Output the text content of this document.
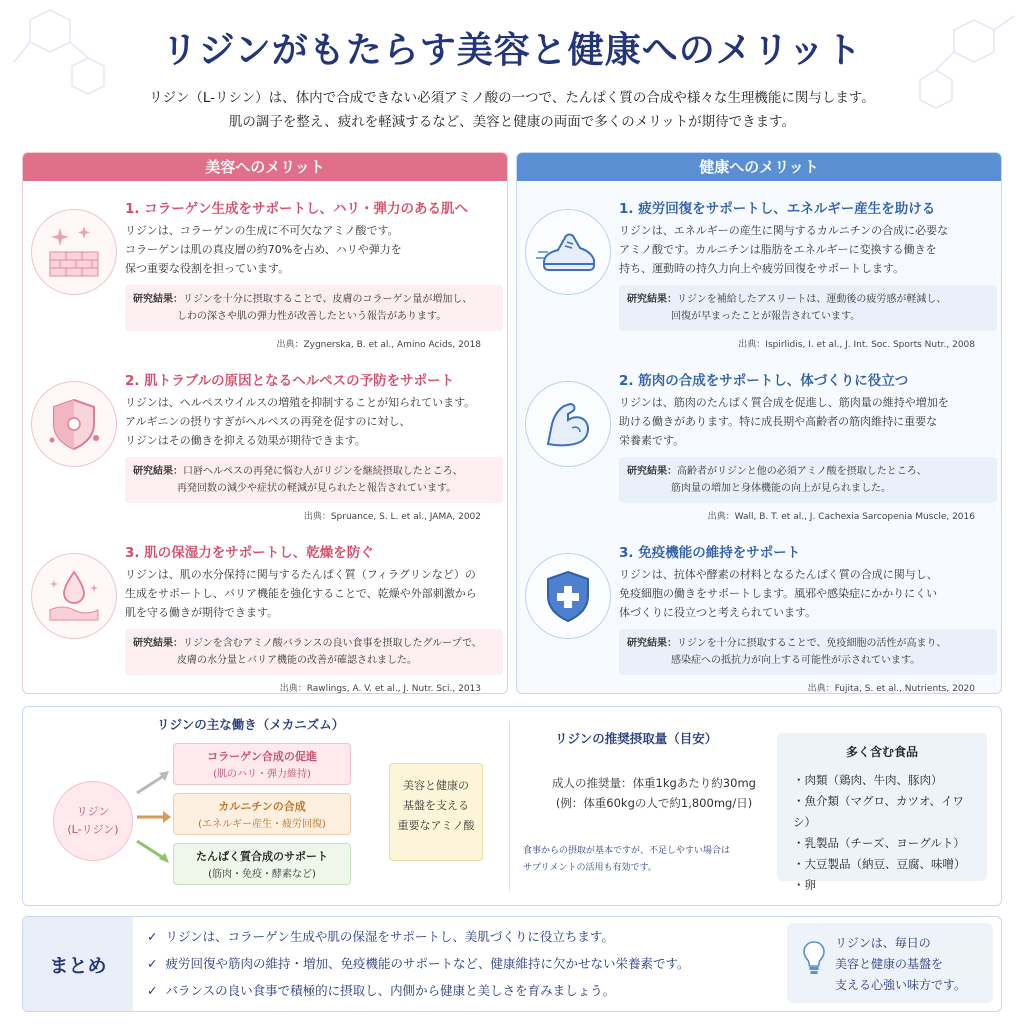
リジンがもたらす美容と健康へのメリット
リジン（L-リシン）は、体内で合成できない必須アミノ酸の一つで、たんぱく質の合成や様々な生理機能に関与します。
肌の調子を整え、疲れを軽減するなど、美容と健康の両面で多くのメリットが期待できます。
美容へのメリット
1. コラーゲン生成をサポートし、ハリ・弾力のある肌へ
リジンは、コラーゲンの生成に不可欠なアミノ酸です。
コラーゲンは肌の真皮層の約70%を占め、ハリや弾力を
保つ重要な役割を担っています。
研究結果：リジンを十分に摂取することで、皮膚のコラーゲン量が増加し、
しわの深さや肌の弾力性が改善したという報告があります。
出典：Zygnerska, B. et al., Amino Acids, 2018
2. 肌トラブルの原因となるヘルペスの予防をサポート
リジンは、ヘルペスウイルスの増殖を抑制することが知られています。
アルギニンの摂りすぎがヘルペスの再発を促すのに対し、
リジンはその働きを抑える効果が期待できます。
研究結果：口唇ヘルペスの再発に悩む人がリジンを継続摂取したところ、
再発回数の減少や症状の軽減が見られたと報告されています。
出典：Spruance, S. L. et al., JAMA, 2002
3. 肌の保湿力をサポートし、乾燥を防ぐ
リジンは、肌の水分保持に関与するたんぱく質（フィラグリンなど）の
生成をサポートし、バリア機能を強化することで、乾燥や外部刺激から
肌を守る働きが期待できます。
研究結果：リジンを含むアミノ酸バランスの良い食事を摂取したグループで、
皮膚の水分量とバリア機能の改善が確認されました。
出典：Rawlings, A. V. et al., J. Nutr. Sci., 2013
健康へのメリット
1. 疲労回復をサポートし、エネルギー産生を助ける
リジンは、エネルギーの産生に関与するカルニチンの合成に必要な
アミノ酸です。カルニチンは脂肪をエネルギーに変換する働きを
持ち、運動時の持久力向上や疲労回復をサポートします。
研究結果：リジンを補給したアスリートは、運動後の疲労感が軽減し、
回復が早まったことが報告されています。
出典：Ispirlidis, I. et al., J. Int. Soc. Sports Nutr., 2008
2. 筋肉の合成をサポートし、体づくりに役立つ
リジンは、筋肉のたんぱく質合成を促進し、筋肉量の維持や増加を
助ける働きがあります。特に成長期や高齢者の筋肉維持に重要な
栄養素です。
研究結果：高齢者がリジンと他の必須アミノ酸を摂取したところ、
筋肉量の増加と身体機能の向上が見られました。
出典：Wall, B. T. et al., J. Cachexia Sarcopenia Muscle, 2016
3. 免疫機能の維持をサポート
リジンは、抗体や酵素の材料となるたんぱく質の合成に関与し、
免疫細胞の働きをサポートします。風邪や感染症にかかりにくい
体づくりに役立つと考えられています。
研究結果：リジンを十分に摂取することで、免疫細胞の活性が高まり、
感染症への抵抗力が向上する可能性が示されています。
出典：Fujita, S. et al., Nutrients, 2020
リジンの主な働き（メカニズム）
リジン
(L-リジン)
コラーゲン合成の促進
(肌のハリ・弾力維持)
カルニチンの合成
(エネルギー産生・疲労回復)
たんぱく質合成のサポート
(筋肉・免疫・酵素など)
美容と健康の
基盤を支える
重要なアミノ酸
リジンの推奨摂取量（目安）
成人の推奨量：体重1kgあたり約30mg
(例：体重60kgの人で約1,800mg/日)
食事からの摂取が基本ですが、不足しやすい場合は
サプリメントの活用も有効です。
多く含む食品
・肉類（鶏肉、牛肉、豚肉）
・魚介類（マグロ、カツオ、イワシ）
・乳製品（チーズ、ヨーグルト）
・大豆製品（納豆、豆腐、味噌）
・卵
まとめ
✓ リジンは、コラーゲン生成や肌の保湿をサポートし、美肌づくりに役立ちます。
✓ 疲労回復や筋肉の維持・増加、免疫機能のサポートなど、健康維持に欠かせない栄養素です。
✓ バランスの良い食事で積極的に摂取し、内側から健康と美しさを育みましょう。
リジンは、毎日の
美容と健康の基盤を
支える心強い味方です。
